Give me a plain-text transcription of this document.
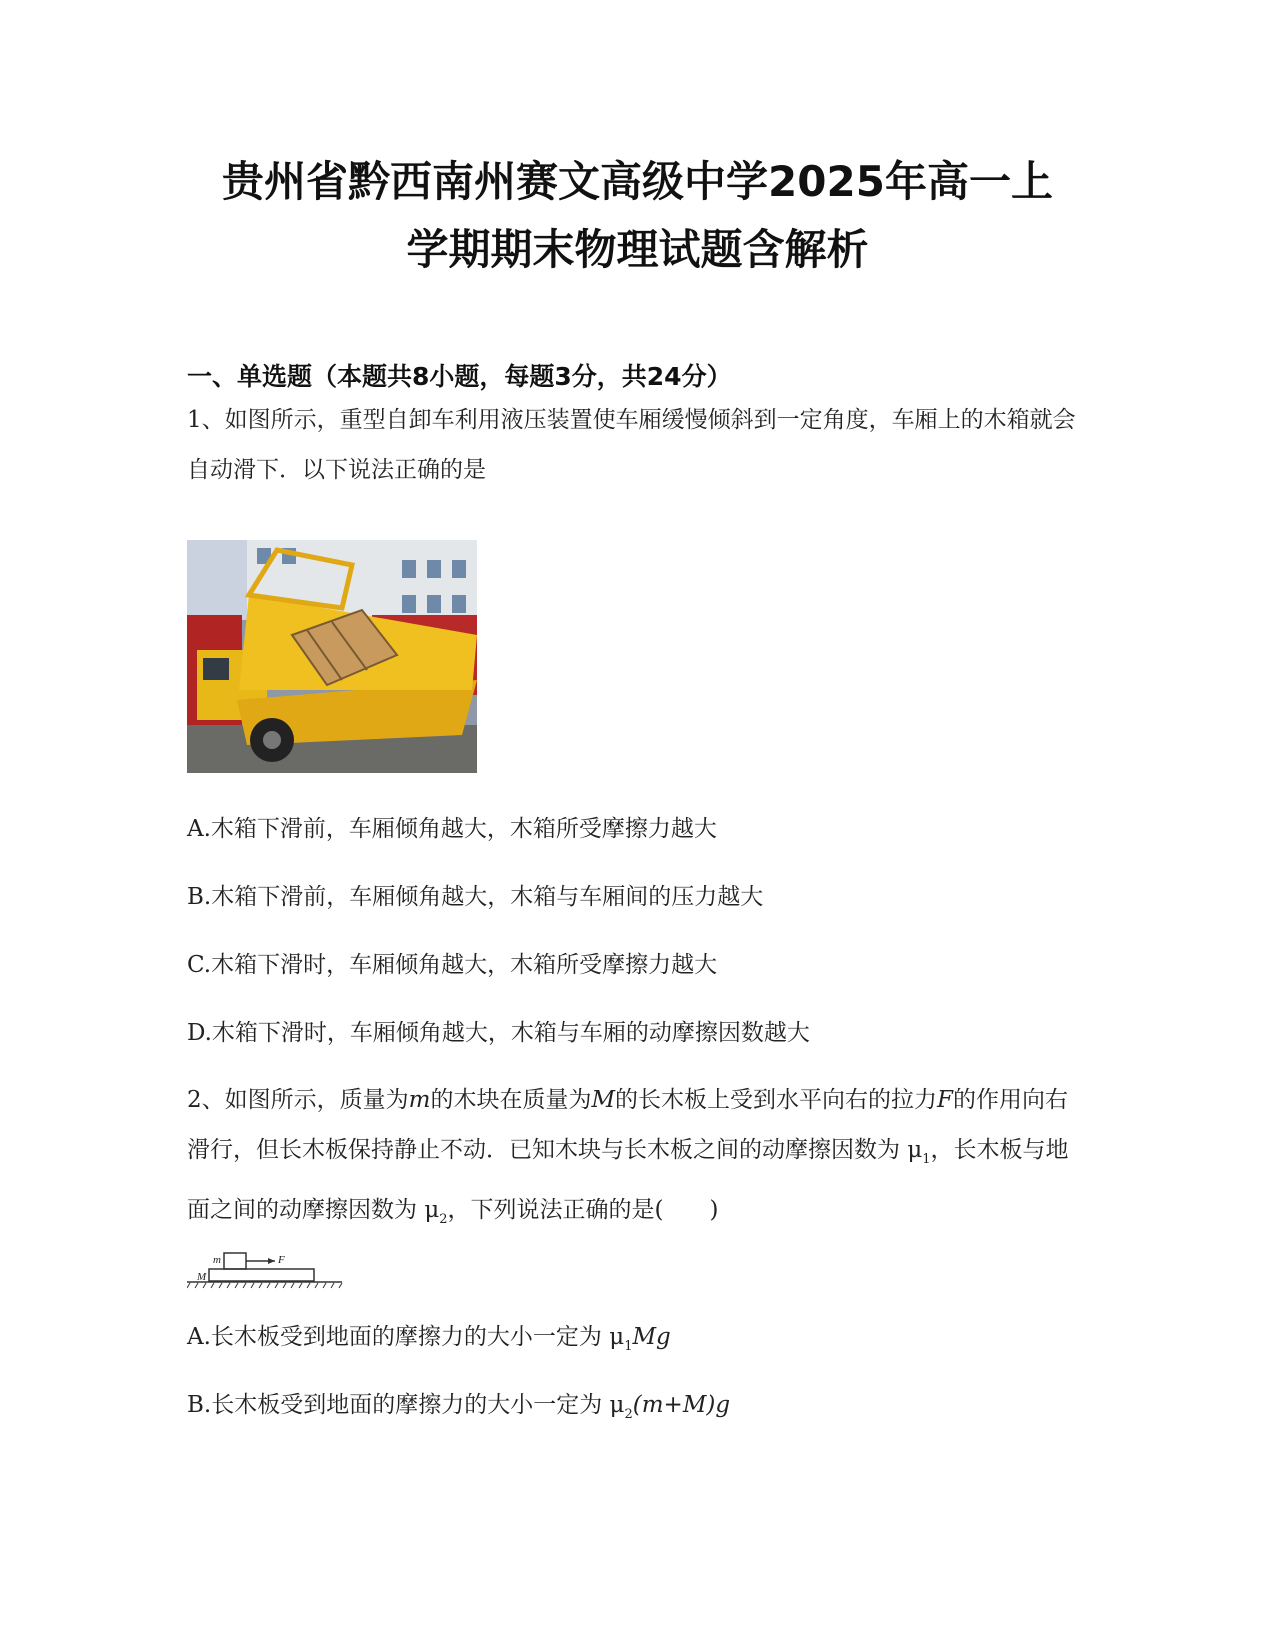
贵州省黔西南州赛文高级中学2025年高一上
学期期末物理试题含解析
一、单选题（本题共8小题，每题3分，共24分）
1、如图所示，重型自卸车利用液压装置使车厢缓慢倾斜到一定角度，车厢上的木箱就会自动滑下．以下说法正确的是
A.木箱下滑前，车厢倾角越大，木箱所受摩擦力越大
B.木箱下滑前，车厢倾角越大，木箱与车厢间的压力越大
C.木箱下滑时，车厢倾角越大，木箱所受摩擦力越大
D.木箱下滑时，车厢倾角越大，木箱与车厢的动摩擦因数越大
2、如图所示，质量为m的木块在质量为M的长木板上受到水平向右的拉力F的作用向右滑行，但长木板保持静止不动．已知木块与长木板之间的动摩擦因数为 $\mu_1$，长木板与地面之间的动摩擦因数为 $\mu_2$，下列说法正确的是(　　)
m
M
F
A.长木板受到地面的摩擦力的大小一定为 $\mu_1Mg$
B.长木板受到地面的摩擦力的大小一定为 $\mu_2(m+M)g$
